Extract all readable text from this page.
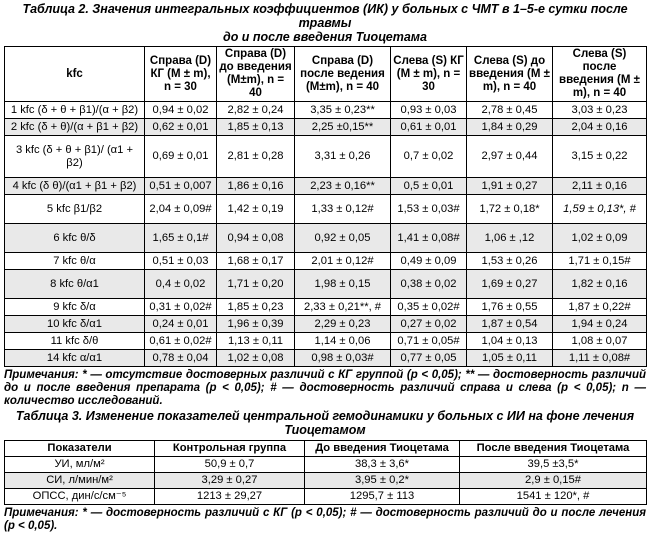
Таблица 2. Значения интегральных коэффициентов (ИК) у больных с ЧМТ в 1–5-е сутки после травмы
до и после введения Тиоцетама

kfc	Справа (D) КГ (M ± m), n = 30	Справа (D) до введения (M±m), n = 40	Справа (D) после ведения (M±m), n = 40	Слева (S) КГ (M ± m), n = 30	Слева (S) до введения (M ± m), n = 40	Слева (S) после введения (M ± m), n = 40
1 kfc (δ + θ + β1)/(α + β2)	0,94 ± 0,02	2,82 ± 0,24	3,35 ± 0,23**	0,93 ± 0,03	2,78 ± 0,45	3,03 ± 0,23
2 kfc (δ + θ)/(α + β1 + β2)	0,62 ± 0,01	1,85 ± 0,13	2,25 ±0,15**	0,61 ± 0,01	1,84 ± 0,29	2,04 ± 0,16
3 kfc (δ + θ + β1)/ (α1 + β2)	0,69 ± 0,01	2,81 ± 0,28	3,31 ± 0,26	0,7 ± 0,02	2,97 ± 0,44	3,15 ± 0,22
4 kfc (δ θ)/(α1 + β1 + β2)	0,51 ± 0,007	1,86 ± 0,16	2,23 ± 0,16**	0,5 ± 0,01	1,91 ± 0,27	2,11 ± 0,16
5 kfc β1/β2	2,04 ± 0,09#	1,42 ± 0,19	1,33 ± 0,12#	1,53 ± 0,03#	1,72 ± 0,18*	1,59 ± 0,13*, #
6 kfc θ/δ	1,65 ± 0,1#	0,94 ± 0,08	0,92 ± 0,05	1,41 ± 0,08#	1,06 ± ,12	1,02 ± 0,09
7 kfc θ/α	0,51 ± 0,03	1,68 ± 0,17	2,01 ± 0,12#	0,49 ± 0,09	1,53 ± 0,26	1,71 ± 0,15#
8 kfc θ/α1	0,4 ± 0,02	1,71 ± 0,20	1,98 ± 0,15	0,38 ± 0,02	1,69 ± 0,27	1,82 ± 0,16
9 kfc δ/α	0,31 ± 0,02#	1,85 ± 0,23	2,33 ± 0,21**, #	0,35 ± 0,02#	1,76 ± 0,55	1,87 ± 0,22#
10 kfc δ/α1	0,24 ± 0,01	1,96 ± 0,39	2,29 ± 0,23	0,27 ± 0,02	1,87 ± 0,54	1,94 ± 0,24
11 kfc δ/θ	0,61 ± 0,02#	1,13 ± 0,11	1,14 ± 0,06	0,71 ± 0,05#	1,04 ± 0,13	1,08 ± 0,07
14 kfc α/α1	0,78 ± 0,04	1,02 ± 0,08	0,98 ± 0,03#	0,77 ± 0,05	1,05 ± 0,11	1,11 ± 0,08#

Примечания: * — отсутствие достоверных различий с КГ группой (p < 0,05); ** — достоверность различий до и после введения препарата (p < 0,05); # — достоверность различий справа и слева (p < 0,05); n — количество исследований.

Таблица 3. Изменение показателей центральной гемодинамики у больных с ИИ на фоне лечения
Тиоцетамом

Показатели	Контрольная группа	До введения Тиоцетама	После введения Тиоцетама
УИ, мл/м²	50,9 ± 0,7	38,3 ± 3,6*	39,5 ±3,5*
СИ, л/мин/м²	3,29 ± 0,27	3,95 ± 0,2*	2,9 ± 0,15#
ОПСС, дин/с/см⁻⁵	1213 ± 29,27	1295,7 ± 113	1541 ± 120*, #

Примечания: * — достоверность различий с КГ (p < 0,05); # — достоверность различий до и после лечения (p < 0,05).
